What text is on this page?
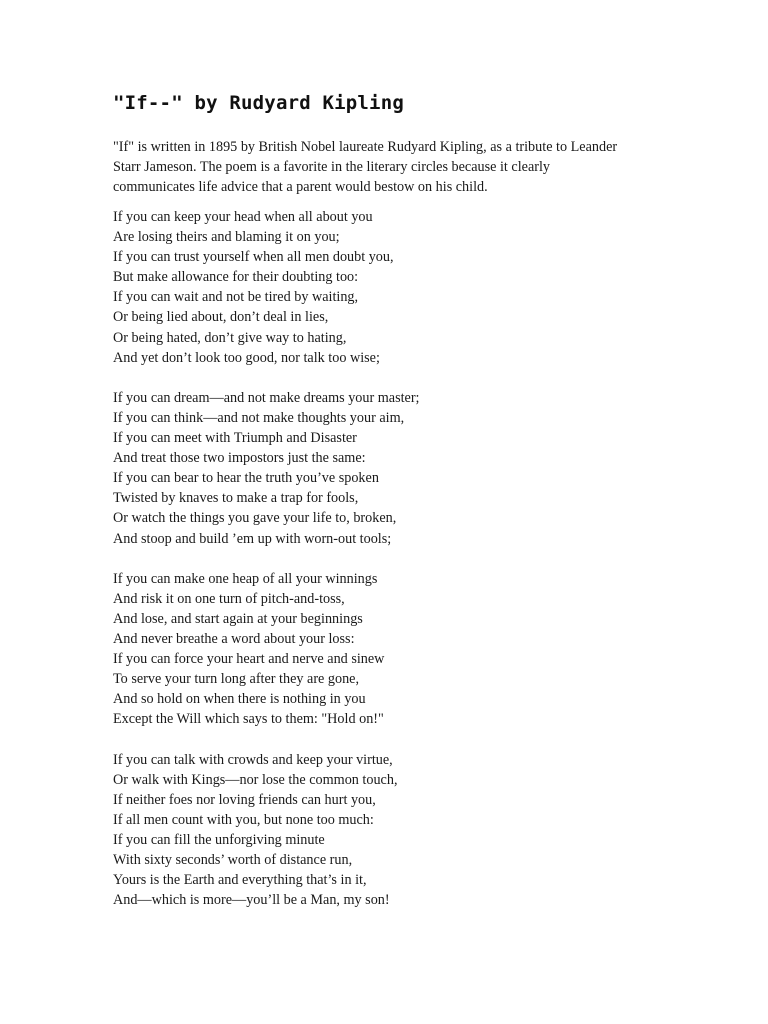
"If--" by Rudyard Kipling

"If" is written in 1895 by British Nobel laureate Rudyard Kipling, as a tribute to Leander
Starr Jameson. The poem is a favorite in the literary circles because it clearly
communicates life advice that a parent would bestow on his child.

If you can keep your head when all about you
Are losing theirs and blaming it on you;
If you can trust yourself when all men doubt you,
But make allowance for their doubting too:
If you can wait and not be tired by waiting,
Or being lied about, don’t deal in lies,
Or being hated, don’t give way to hating,
And yet don’t look too good, nor talk too wise;
If you can dream—and not make dreams your master;
If you can think—and not make thoughts your aim,
If you can meet with Triumph and Disaster
And treat those two impostors just the same:
If you can bear to hear the truth you’ve spoken
Twisted by knaves to make a trap for fools,
Or watch the things you gave your life to, broken,
And stoop and build ’em up with worn-out tools;
If you can make one heap of all your winnings
And risk it on one turn of pitch-and-toss,
And lose, and start again at your beginnings
And never breathe a word about your loss:
If you can force your heart and nerve and sinew
To serve your turn long after they are gone,
And so hold on when there is nothing in you
Except the Will which says to them: "Hold on!"
If you can talk with crowds and keep your virtue,
Or walk with Kings—nor lose the common touch,
If neither foes nor loving friends can hurt you,
If all men count with you, but none too much:
If you can fill the unforgiving minute
With sixty seconds’ worth of distance run,
Yours is the Earth and everything that’s in it,
And—which is more—you’ll be a Man, my son!
